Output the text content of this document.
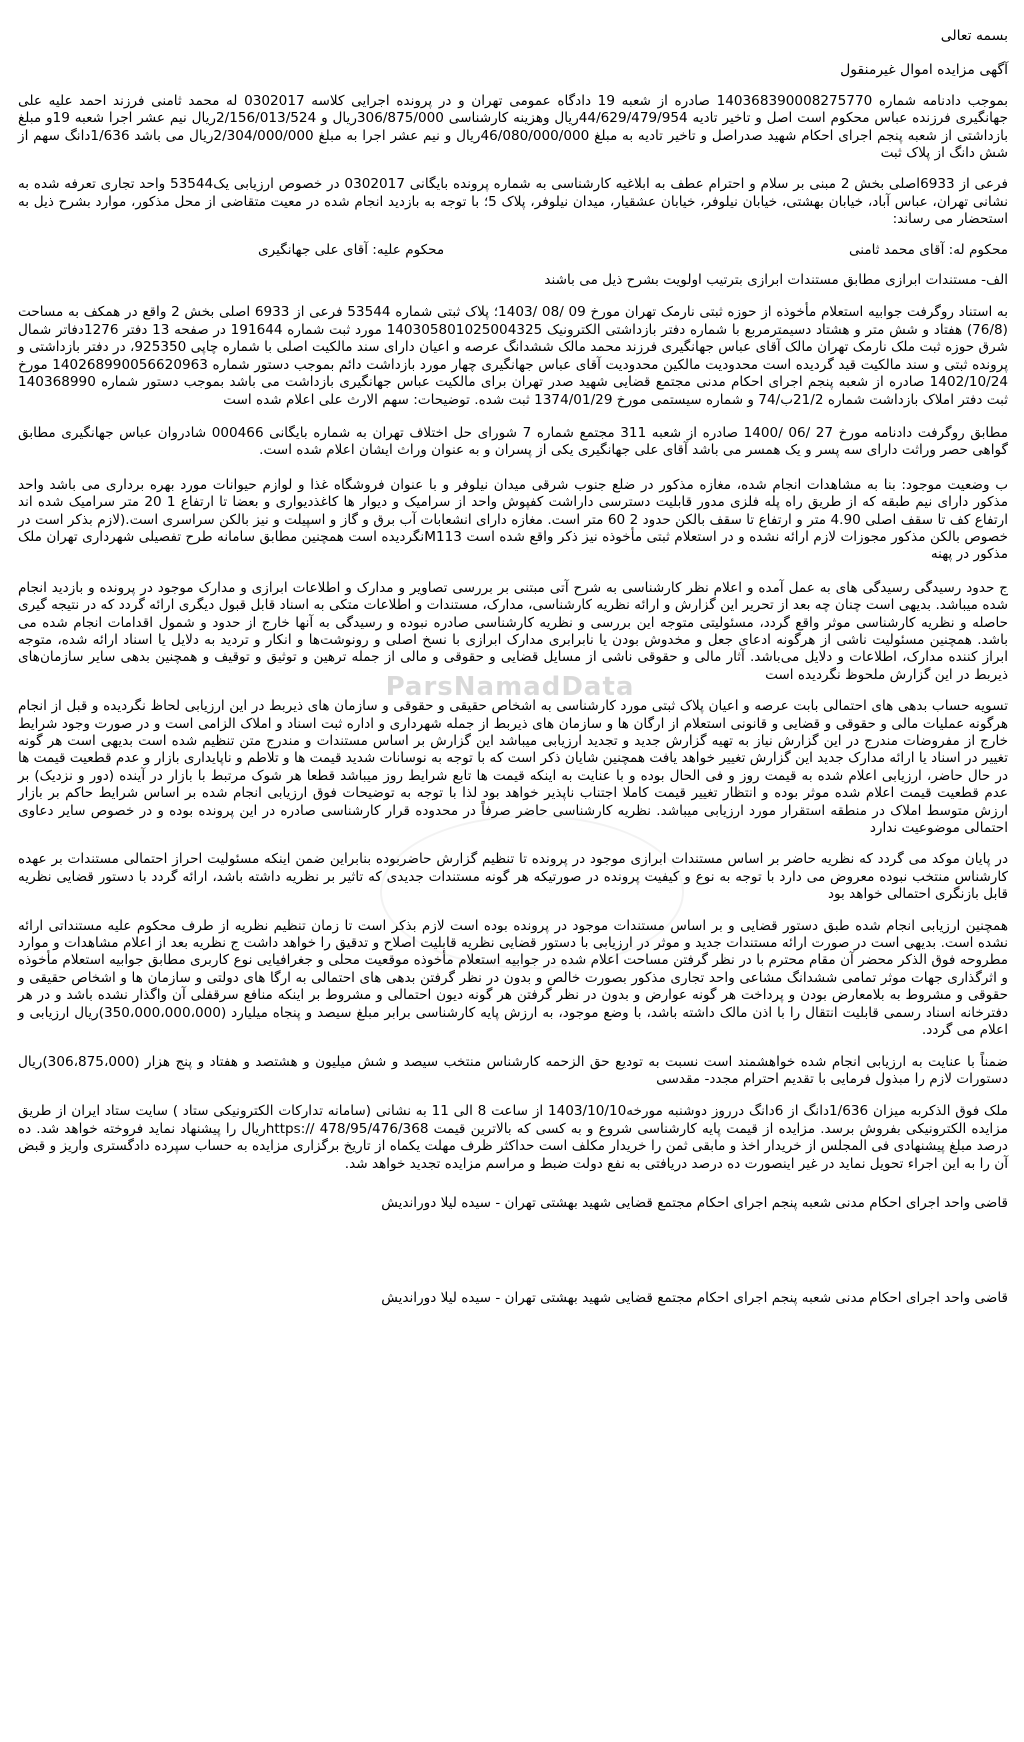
بسمه تعالی

آگهی مزایده اموال غیرمنقول

بموجب دادنامه شماره 140368390008275770 صادره از شعبه 19 دادگاه عمومی تهران و در پرونده اجرایی کلاسه 0302017 له محمد ثامنی فرزند احمد علیه علی جهانگیری فرزنده عباس محکوم است اصل و تاخیر تادیه 44/629/479/954ریال وهزینه کارشناسی 306/875/000ریال و 2/156/013/524ریال نیم عشر اجرا شعبه 19و مبلغ بازداشتی از شعبه پنجم اجرای احکام شهید صدراصل و تاخیر تادیه به مبلغ 46/080/000/000ریال و نیم عشر اجرا به مبلغ 2/304/000/000ریال می باشد 1/636دانگ سهم از شش دانگ از پلاک ثبت

فرعی از 6933اصلی بخش 2 مبنی بر سلام و احترام عطف به ابلاغیه کارشناسی به شماره پرونده بایگانی 0302017 در خصوص ارزیابی یک53544 واحد تجاری تعرفه شده به نشانی تهران، عباس آباد، خیابان بهشتی، خیابان نیلوفر، خیابان عشقیار، میدان نیلوفر، پلاک 5؛ با توجه به بازدید انجام شده در معیت متقاضی از محل مذکور، موارد بشرح ذیل به استحضار می رساند:

محکوم له: آقای محمد ثامنی
محکوم علیه: آقای علی جهانگیری

الف- مستندات ابرازی مطابق مستندات ابرازی بترتیب اولویت بشرح ذیل می باشند

به استناد روگرفت جوابیه استعلام مأخوذه از حوزه ثبتی نارمک تهران مورخ 09 /08 /1403؛ پلاک ثبتی شماره 53544 فرعی از 6933 اصلی بخش 2 واقع در همکف به مساحت (76/8) هفتاد و شش متر و هشتاد دسیمترمربع با شماره دفتر بازداشتی الکترونیک 140305801025004325 مورد ثبت شماره 191644 در صفحه 13 دفتر 1276دفاتر شمال شرق حوزه ثبت ملک نارمک تهران مالک آقای عباس جهانگیری فرزند محمد مالک ششدانگ عرصه و اعیان دارای سند مالکیت اصلی با شماره چاپی 925350، در دفتر بازداشتی و پرونده ثبتی و سند مالکیت قید گردیده است محدودیت مالکین محدودیت آقای عباس جهانگیری چهار مورد بازداشت دائم بموجب دستور شماره 140268990056620963 مورخ 1402/10/24 صادره از شعبه پنجم اجرای احکام مدنی مجتمع قضایی شهید صدر تهران برای مالکیت عباس جهانگیری بازداشت می باشد بموجب دستور شماره 140368990 ثبت دفتر املاک بازداشت شماره 21/2ب/74 و شماره سیستمی مورخ 1374/01/29 ثبت شده. توضیحات: سهم الارث علی اعلام شده است

مطابق روگرفت دادنامه مورخ 27 /06 /1400 صادره از شعبه 311 مجتمع شماره 7 شورای حل اختلاف تهران به شماره بایگانی 000466 شادروان عباس جهانگیری مطابق گواهی حصر وراثت دارای سه پسر و یک همسر می باشد آقای علی جهانگیری یکی از پسران و به عنوان وراث ایشان اعلام شده است.

ب وضعیت موجود: بنا به مشاهدات انجام شده، مغازه مذکور در ضلع جنوب شرقی میدان نیلوفر و با عنوان فروشگاه غذا و لوازم حیوانات مورد بهره برداری می باشد واحد مذکور دارای نیم طبقه که از طریق راه پله فلزی مدور قابلیت دسترسی داراشت کفپوش واحد از سرامیک و دیوار ها کاغذدیواری و بعضا تا ارتفاع 1 20 متر سرامیک شده اند ارتفاع کف تا سقف اصلی 4.90 متر و ارتفاع تا سقف بالکن حدود 2 60 متر است. مغازه دارای انشعابات آب برق و گاز و اسپیلت و نیز بالکن سراسری است.(لازم بذکر است در خصوص بالکن مذکور مجوزات لازم ارائه نشده و در استعلام ثبتی مأخوذه نیز ذکر واقع شده است M113نگردیده است همچنین مطابق سامانه طرح تفصیلی شهرداری تهران ملک مذکور در پهنه

ج حدود رسیدگی رسیدگی های به عمل آمده و اعلام نظر کارشناسی به شرح آتی مبتنی بر بررسی تصاویر و مدارک و اطلاعات ابرازی و مدارک موجود در پرونده و بازدید انجام شده میباشد. بدیهی است چنان چه بعد از تحریر این گزارش و ارائه نظریه کارشناسی، مدارک، مستندات و اطلاعات متکی به اسناد قابل قبول دیگری ارائه گردد که در نتیجه گیری حاصله و نظریه کارشناسی موثر واقع گردد، مسئولیتی متوجه این بررسی و نظریه کارشناسی صادره نبوده و رسیدگی به آنها خارج از حدود و شمول اقدامات انجام شده می باشد. همچنین مسئولیت ناشی از هرگونه ادعای جعل و مخدوش بودن یا نابرابری مدارک ابرازی با نسخ اصلی و رونوشت‌ها و انکار و تردید به دلایل یا اسناد ارائه شده، متوجه ابراز کننده مدارک، اطلاعات و دلایل می‌باشد. آثار مالی و حقوقی ناشی از مسایل قضایی و حقوقی و مالی از جمله ترهین و توثیق و توقیف و همچنین بدهی سایر سازمان‌های ذیربط در این گزارش ملحوظ نگردیده است

تسویه حساب بدهی های احتمالی بابت عرصه و اعیان پلاک ثبتی مورد کارشناسی به اشخاص حقیقی و حقوقی و سازمان های ذیربط در این ارزیابی لحاظ نگردیده و قبل از انجام هرگونه عملیات مالی و حقوقی و قضایی و قانونی استعلام از ارگان ها و سازمان های ذیربط از جمله شهرداری و اداره ثبت اسناد و املاک الزامی است و در صورت وجود شرایط خارج از مفروضات مندرج در این گزارش نیاز به تهیه گزارش جدید و تجدید ارزیابی میباشد این گزارش بر اساس مستندات و مندرج متن تنظیم شده است بدیهی است هر گونه تغییر در اسناد یا ارائه مدارک جدید این گزارش تغییر خواهد یافت همچنین شایان ذکر است که با توجه به نوسانات شدید قیمت ها و تلاطم و ناپایداری بازار و عدم قطعیت قیمت ها در حال حاضر، ارزیابی اعلام شده به قیمت روز و فی الحال بوده و با عنایت به اینکه قیمت ها تابع شرایط روز میباشد قطعا هر شوک مرتبط با بازار در آینده (دور و نزدیک) بر عدم قطعیت قیمت اعلام شده موثر بوده و انتظار تغییر قیمت کاملا اجتناب ناپذیر خواهد بود لذا با توجه به توضیحات فوق ارزیابی انجام شده بر اساس شرایط حاکم بر بازار ارزش متوسط املاک در منطقه استقرار مورد ارزیابی میباشد. نظریه کارشناسی حاضر صرفاً در محدوده قرار کارشناسی صادره در این پرونده بوده و در خصوص سایر دعاوی احتمالی موضوعیت ندارد

در پایان موکد می گردد که نظریه حاضر بر اساس مستندات ابرازی موجود در پرونده تا تنظیم گزارش حاضربوده بنابراین ضمن اینکه مسئولیت احراز احتمالی مستندات بر عهده کارشناس منتخب نبوده معروض می دارد با توجه به نوع و کیفیت پرونده در صورتیکه هر گونه مستندات جدیدی که تاثیر بر نظریه داشته باشد، ارائه گردد با دستور قضایی نظریه قابل بازنگری احتمالی خواهد بود

همچنین ارزیابی انجام شده طبق دستور قضایی و بر اساس مستندات موجود در پرونده بوده است لازم بذکر است تا زمان تنظیم نظریه از طرف محکوم علیه مستنداتی ارائه نشده است. بدیهی است در صورت ارائه مستندات جدید و موثر در ارزیابی با دستور قضایی نظریه قابلیت اصلاح و تدقیق را خواهد داشت ج نظریه بعد از اعلام مشاهدات و موارد مطروحه فوق الذکر محضر آن مقام محترم با در نظر گرفتن مساحت اعلام شده در جوابیه استعلام مأخوذه موقعیت محلی و جغرافیایی نوع کاربری مطابق جوابیه استعلام مأخوذه و اثرگذاری جهات موثر تمامی ششدانگ مشاعی واحد تجاری مذکور بصورت خالص و بدون در نظر گرفتن بدهی های احتمالی به ارگا های دولتی و سازمان ها و اشخاص حقیقی و حقوقی و مشروط به بلامعارض بودن و پرداخت هر گونه عوارض و بدون در نظر گرفتن هر گونه دیون احتمالی و مشروط بر اینکه منافع سرقفلی آن واگذار نشده باشد و در هر دفترخانه اسناد رسمی قابلیت انتقال را با اذن مالک داشته باشد، با وضع موجود، به ارزش پایه کارشناسی برابر مبلغ سیصد و پنجاه میلیارد (350،000،000،000)ریال ارزیابی و اعلام می گردد.

ضمناً با عنایت به ارزیابی انجام شده خواهشمند است نسبت به تودیع حق الزحمه کارشناس منتخب سیصد و شش میلیون و هشتصد و هفتاد و پنج هزار (306،875،000)ریال دستورات لازم را مبذول فرمایی با تقدیم احترام مجدد- مقدسی

ملک فوق الذکربه میزان 1/636دانگ از 6دانگ درروز دوشنبه مورخه1403/10/10 از ساعت 8 الی 11 به نشانی (سامانه تدارکات الکترونیکی ستاد ) سایت ستاد ایران از طریق مزایده الکترونیکی بفروش برسد. مزایده از قیمت پایه کارشناسی شروع و به کسی که بالاترین قیمت https:// 478/95/476/368ریال را پیشنهاد نماید فروخته خواهد شد. ده درصد مبلغ پیشنهادی فی المجلس از خریدار اخذ و مابقی ثمن را خریدار مکلف است حداکثر ظرف مهلت یکماه از تاریخ برگزاری مزایده به حساب سپرده دادگستری واریز و قبض آن را به این اجراء تحویل نماید در غیر اینصورت ده درصد دریافتی به نفع دولت ضبط و مراسم مزایده تجدید خواهد شد.

قاضی واحد اجرای احکام مدنی شعبه پنجم اجرای احکام مجتمع قضایی شهید بهشتی تهران - سیده لیلا دوراندیش

قاضی واحد اجرای احکام مدنی شعبه پنجم اجرای احکام مجتمع قضایی شهید بهشتی تهران - سیده لیلا دوراندیش

ParsNamadData
